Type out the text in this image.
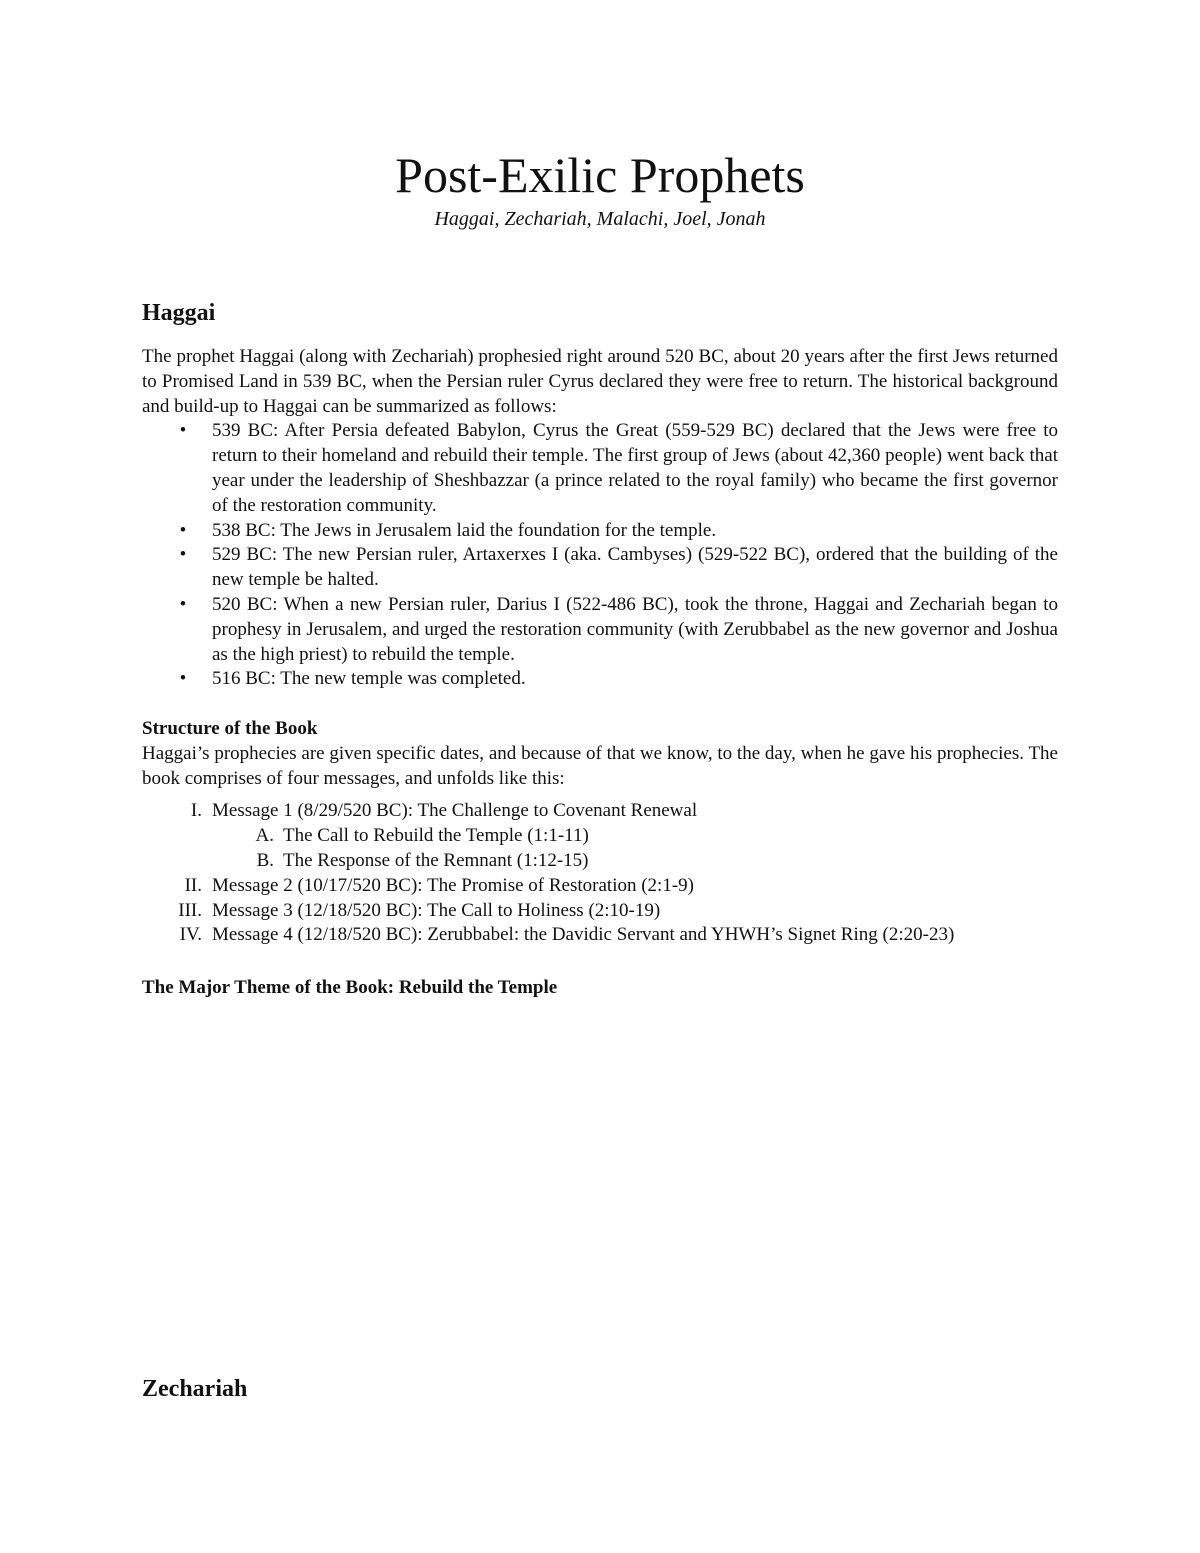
Post-Exilic Prophets

Haggai, Zechariah, Malachi, Joel, Jonah

Haggai

The prophet Haggai (along with Zechariah) prophesied right around 520 BC, about 20 years after the first Jews returned to Promised Land in 539 BC, when the Persian ruler Cyrus declared they were free to return. The historical background and build-up to Haggai can be summarized as follows:

• 539 BC: After Persia defeated Babylon, Cyrus the Great (559-529 BC) declared that the Jews were free to return to their homeland and rebuild their temple. The first group of Jews (about 42,360 people) went back that year under the leadership of Sheshbazzar (a prince related to the royal family) who became the first governor of the restoration community.
• 538 BC: The Jews in Jerusalem laid the foundation for the temple.
• 529 BC: The new Persian ruler, Artaxerxes I (aka. Cambyses) (529-522 BC), ordered that the building of the new temple be halted.
• 520 BC: When a new Persian ruler, Darius I (522-486 BC), took the throne, Haggai and Zechariah began to prophesy in Jerusalem, and urged the restoration community (with Zerubbabel as the new governor and Joshua as the high priest) to rebuild the temple.
• 516 BC: The new temple was completed.

Structure of the Book

Haggai’s prophecies are given specific dates, and because of that we know, to the day, when he gave his prophecies. The book comprises of four messages, and unfolds like this:

I. Message 1 (8/29/520 BC): The Challenge to Covenant Renewal
A. The Call to Rebuild the Temple (1:1-11)
B. The Response of the Remnant (1:12-15)
II. Message 2 (10/17/520 BC): The Promise of Restoration (2:1-9)
III. Message 3 (12/18/520 BC): The Call to Holiness (2:10-19)
IV. Message 4 (12/18/520 BC): Zerubbabel: the Davidic Servant and YHWH’s Signet Ring (2:20-23)

The Major Theme of the Book: Rebuild the Temple

Zechariah
